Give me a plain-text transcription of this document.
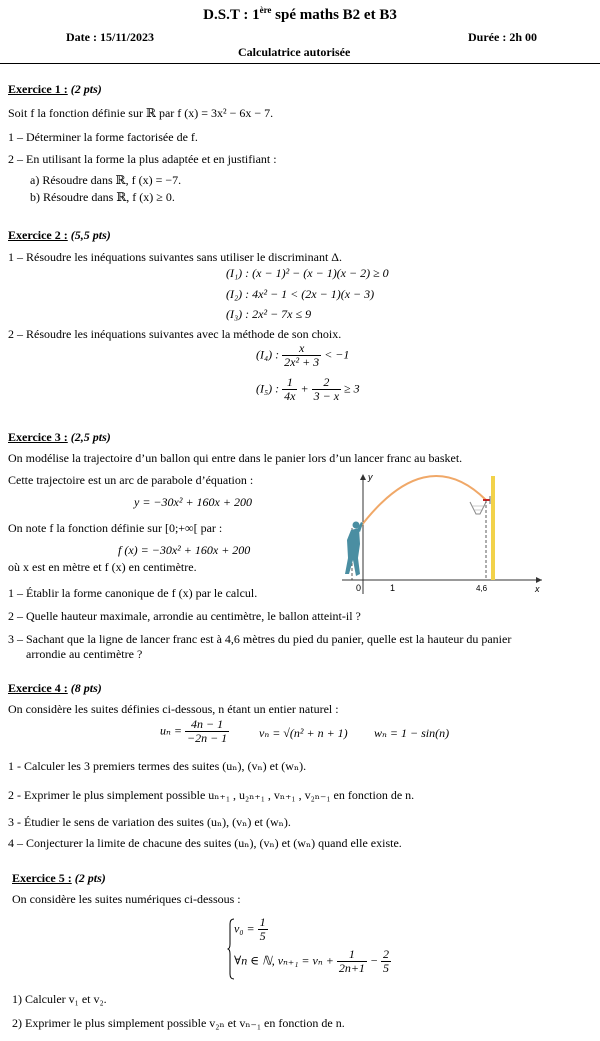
D.S.T : 1ère spé maths B2 et B3
Date : 15/11/2023	Durée : 2h 00
Calculatrice autorisée
Exercice 1 : (2 pts)
Soit f la fonction définie sur ℝ par f (x) = 3x² − 6x − 7.
1 – Déterminer la forme factorisée de f.
2 – En utilisant la forme la plus adaptée et en justifiant :
a) Résoudre dans ℝ, f (x) = −7.
b) Résoudre dans ℝ, f (x) ≥ 0.
Exercice 2 : (5,5 pts)
1 – Résoudre les inéquations suivantes sans utiliser le discriminant Δ.
(I₁) : (x − 1)² − (x − 1)(x − 2) ≥ 0
(I₂) : 4x² − 1 < (2x − 1)(x − 3)
(I₃) : 2x² − 7x ≤ 9
2 – Résoudre les inéquations suivantes avec la méthode de son choix.
(I₄) : $\frac{x}{\text{2x² + 3}} < -1$
(I₅) : $\frac{1}{4x} + \frac{2}{3 - x} \ge 3$
Exercice 3 : (2,5 pts)
On modélise la trajectoire d’un ballon qui entre dans le panier lors d’un lancer franc au basket.
Cette trajectoire est un arc de parabole d’équation :
y = −30x² + 160x + 200
On note f la fonction définie sur [0;+∞[ par :
f (x) = −30x² + 160x + 200
où x est en mètre et f (x) en centimètre.
1 – Établir la forme canonique de f (x) par le calcul.
2 – Quelle hauteur maximale, arrondie au centimètre, le ballon atteint-il ?
3 – Sachant que la ligne de lancer franc est à 4,6 mètres du pied du panier, quelle est la hauteur du panier
arrondie au centimètre ?
0	1	4,6	x
y
Exercice 4 : (8 pts)
On considère les suites définies ci-dessous, n étant un entier naturel :
$u_n = \frac{4n - 1}{-2n - 1}$ vₙ = √(n² + n + 1) wₙ = 1 − sin(n)
1 - Calculer les 3 premiers termes des suites (uₙ), (vₙ) et (wₙ).
2 - Exprimer le plus simplement possible uₙ₊₁ , u₂ₙ₊₁ , vₙ₊₁ , v₂ₙ₋₁ en fonction de n.
3 - Étudier le sens de variation des suites (uₙ), (vₙ) et (wₙ).
4 – Conjecturer la limite de chacune des suites (uₙ), (vₙ) et (wₙ) quand elle existe.
Exercice 5 : (2 pts)
On considère les suites numériques ci-dessous :
$v_0 = \frac{1}{5}$
∀n ∈ ℕ, $v_{n+1} = v_n + \frac{1}{2n+1} - \frac{2}{5}$
1) Calculer v₁ et v₂.
2) Exprimer le plus simplement possible v₂ₙ et vₙ₋₁ en fonction de n.
